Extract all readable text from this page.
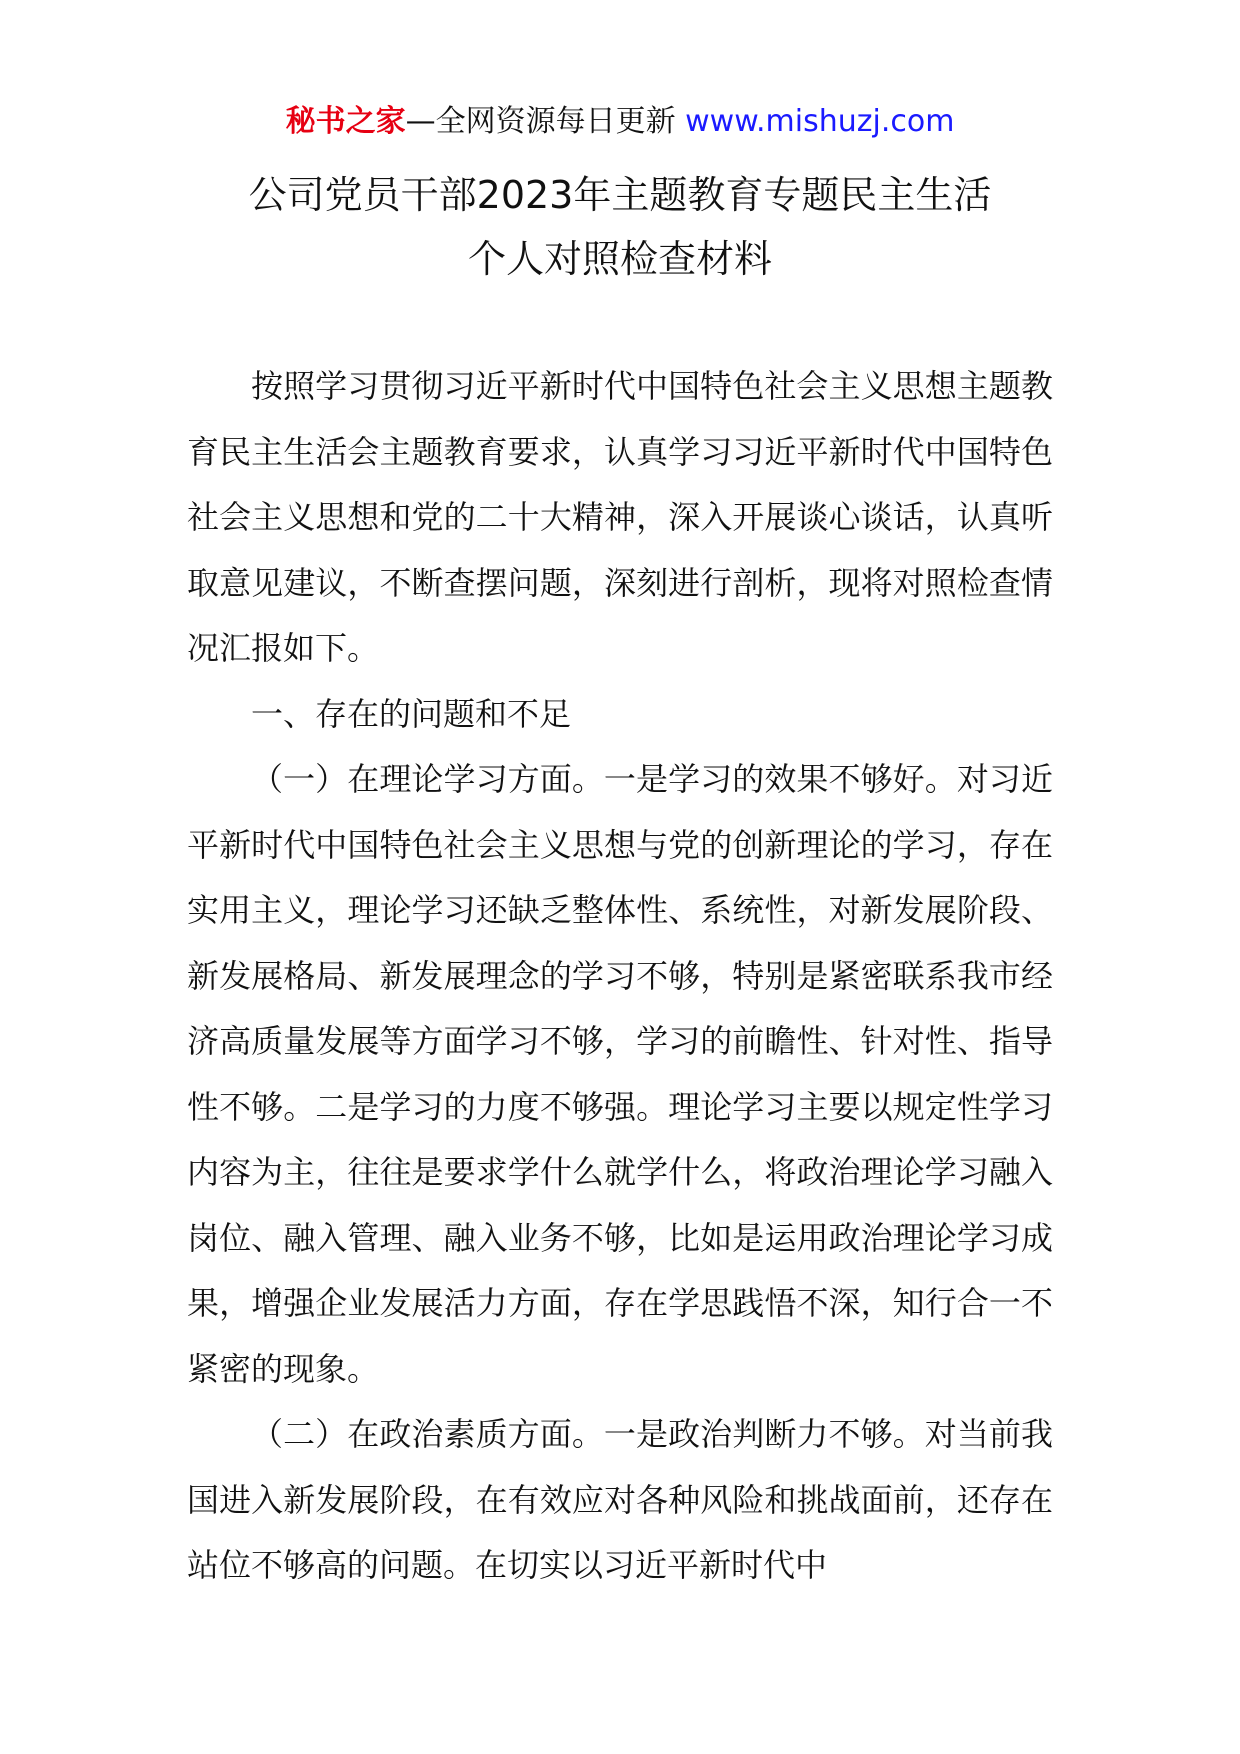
秘书之家—全网资源每日更新 www.mishuzj.com
公司党员干部2023年主题教育专题民主生活
个人对照检查材料

按照学习贯彻习近平新时代中国特色社会主义思想主题教育民主生活会主题教育要求，认真学习习近平新时代中国特色社会主义思想和党的二十大精神，深入开展谈心谈话，认真听取意见建议，不断查摆问题，深刻进行剖析，现将对照检查情况汇报如下。

一、存在的问题和不足

（一）在理论学习方面。一是学习的效果不够好。对习近平新时代中国特色社会主义思想与党的创新理论的学习，存在实用主义，理论学习还缺乏整体性、系统性，对新发展阶段、新发展格局、新发展理念的学习不够，特别是紧密联系我市经济高质量发展等方面学习不够，学习的前瞻性、针对性、指导性不够。二是学习的力度不够强。理论学习主要以规定性学习内容为主，往往是要求学什么就学什么，将政治理论学习融入岗位、融入管理、融入业务不够，比如是运用政治理论学习成果，增强企业发展活力方面，存在学思践悟不深，知行合一不紧密的现象。

（二）在政治素质方面。一是政治判断力不够。对当前我国进入新发展阶段，在有效应对各种风险和挑战面前，还存在站位不够高的问题。在切实以习近平新时代中
